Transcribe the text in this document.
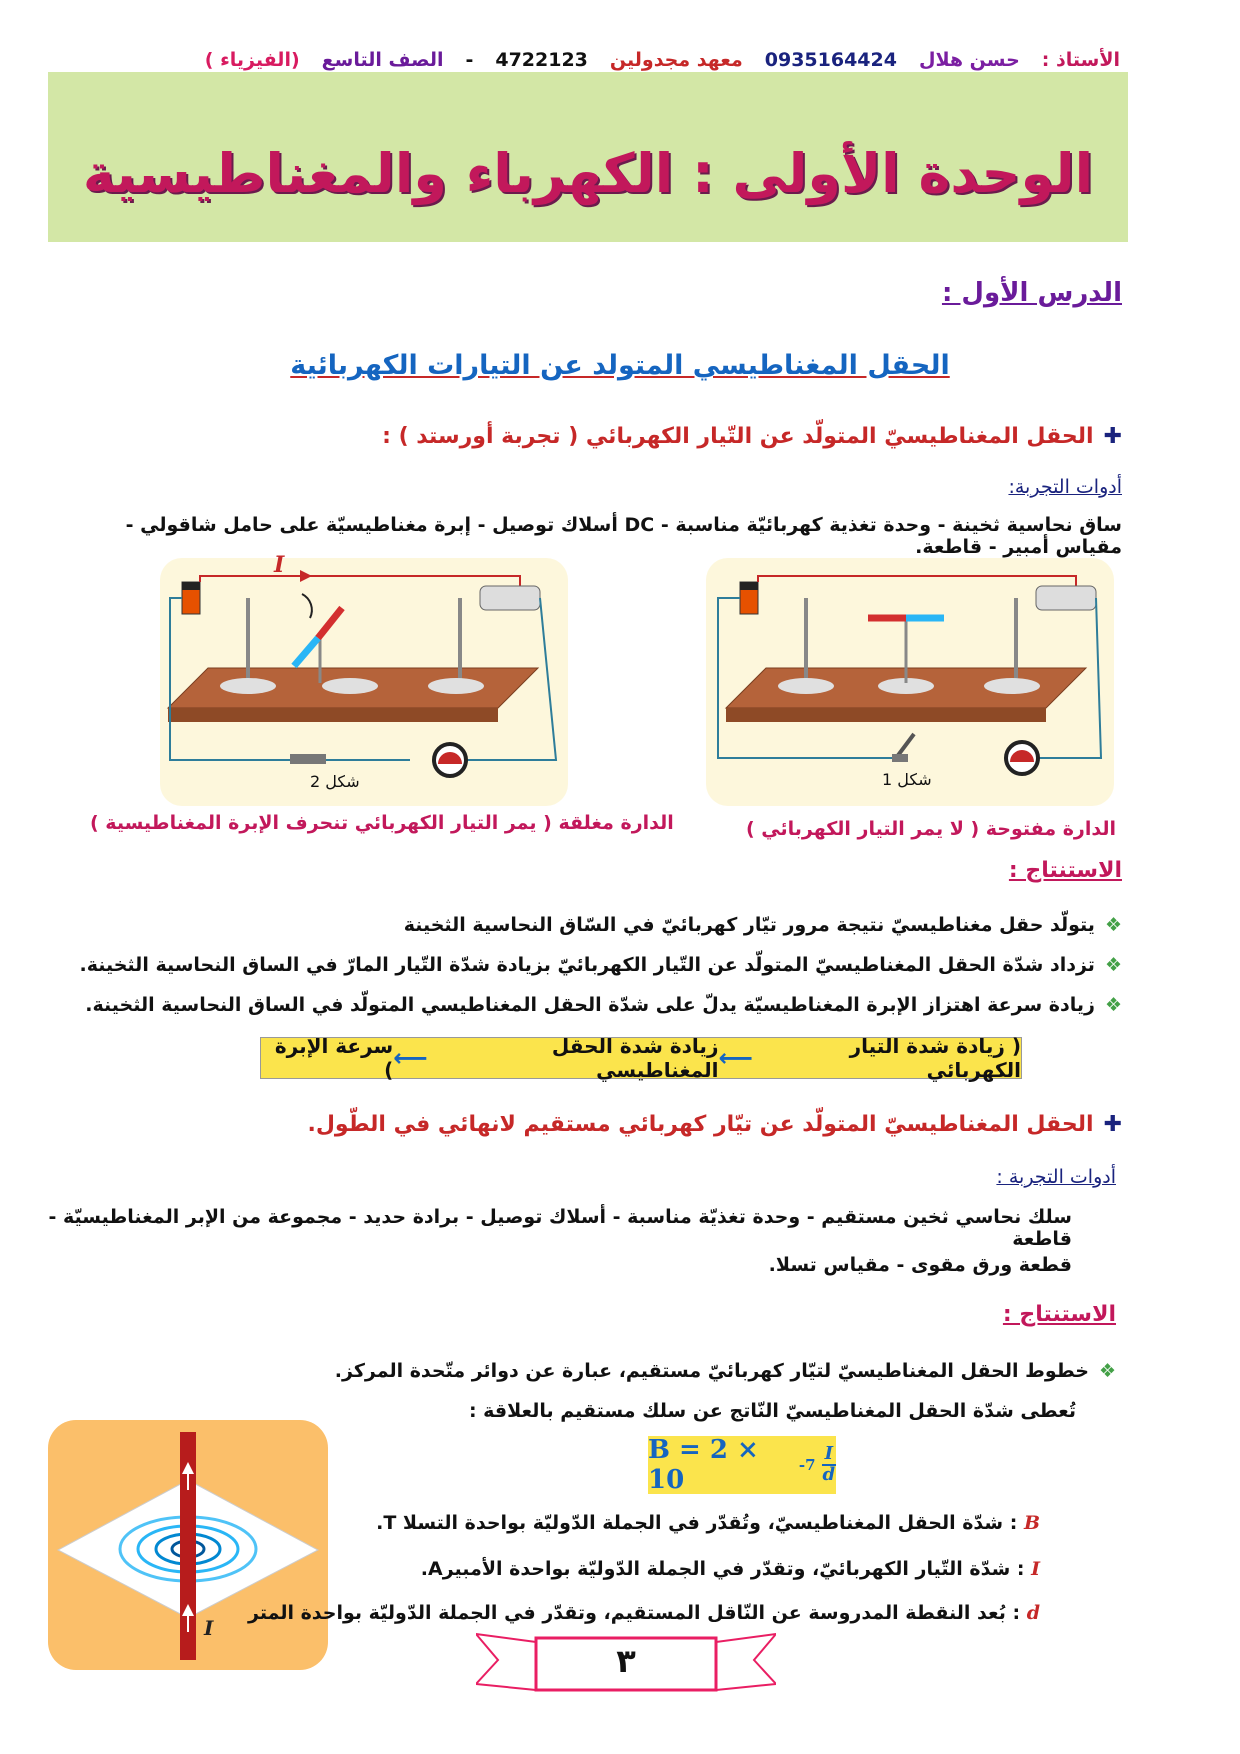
الأستاذ :
حسن هلال
0935164424
معهد مجدولين
4722123
-
الصف التاسع
(الفيزياء )
الوحدة الأولى : الكهرباء والمغناطيسية
الدرس الأول :
الحقل المغناطيسي المتولد عن التيارات الكهربائية
✚الحقل المغناطيسيّ المتولّد عن التّيار الكهربائي ( تجربة أورستد ) :
أدوات التجربة:
ساق نحاسية ثخينة - وحدة تغذية كهربائيّة مناسبة - DC أسلاك توصيل - إبرة مغناطيسيّة على حامل شاقولي - مقياس أمبير - قاطعة.
شكل 1
I
شكل 2
الدارة مفتوحة ( لا يمر التيار الكهربائي )
الدارة مغلقة ( يمر التيار الكهربائي تنحرف الإبرة المغناطيسية )
الاستنتاج :
❖يتولّد حقل مغناطيسيّ نتيجة مرور تيّار كهربائيّ في السّاق النحاسية الثخينة
❖تزداد شدّة الحقل المغناطيسيّ المتولّد عن التّيار الكهربائيّ بزيادة شدّة التّيار المارّ في الساق النحاسية الثخينة.
❖زيادة سرعة اهتزاز الإبرة المغناطيسيّة يدلّ على شدّة الحقل المغناطيسي المتولّد في الساق النحاسية الثخينة.
( زيادة شدة التيار الكهربائي
⟵
زيادة شدة الحقل المغناطيسي
⟵
سرعة الإبرة )
✚الحقل المغناطيسيّ المتولّد عن تيّار كهربائي مستقيم لانهائي في الطّول.
أدوات التجربة :
سلك نحاسي ثخين مستقيم - وحدة تغذيّة مناسبة - أسلاك توصيل - برادة حديد - مجموعة من الإبر المغناطيسيّة - قاطعة
قطعة ورق مقوى - مقياس تسلا.
الاستنتاج :
❖خطوط الحقل المغناطيسيّ لتيّار كهربائيّ مستقيم، عبارة عن دوائر متّحدة المركز.
تُعطى شدّة الحقل المغناطيسيّ النّاتج عن سلك مستقيم بالعلاقة :
B = 2 × 10	$-7 \frac{I}{d}$
I
B : شدّة الحقل المغناطيسيّ، وتُقدّر في الجملة الدّوليّة بواحدة التسلا T.
I : شدّة التّيار الكهربائيّ، وتقدّر في الجملة الدّوليّة بواحدة الأمبيرA.
d : بُعد النقطة المدروسة عن النّاقل المستقيم، وتقدّر في الجملة الدّوليّة بواحدة المتر
٣
